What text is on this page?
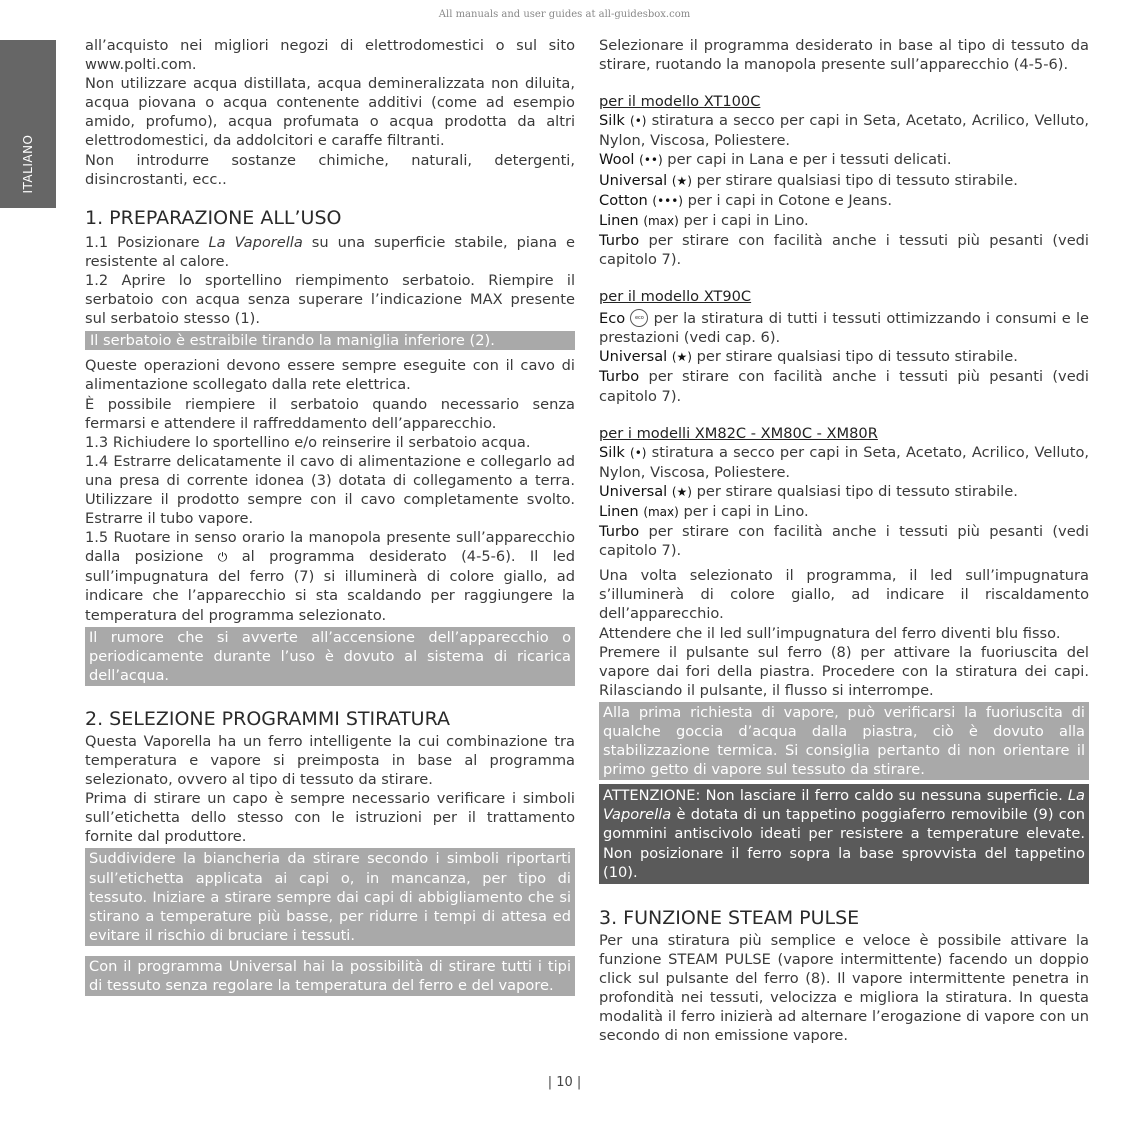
All manuals and user guides at all-guidesbox.com
ITALIANO

all’acquisto nei migliori negozi di elettrodomestici o sul sito www.polti.com.

Non utilizzare acqua distillata, acqua demineralizzata non diluita, acqua piovana o acqua contenente additivi (come ad esempio amido, profumo), acqua profumata o acqua prodotta da altri elettrodomestici, da addolcitori e caraffe filtranti.

Non introdurre sostanze chimiche, naturali, detergenti, disincrostanti, ecc..

1. PREPARAZIONE ALL’USO

1.1 Posizionare La Vaporella su una superficie stabile, piana e resistente al calore.

1.2 Aprire lo sportellino riempimento serbatoio. Riempire il serbatoio con acqua senza superare l’indicazione MAX presente sul serbatoio stesso (1).

Il serbatoio è estraibile tirando la maniglia inferiore (2).

Queste operazioni devono essere sempre eseguite con il cavo di alimentazione scollegato dalla rete elettrica.

È possibile riempiere il serbatoio quando necessario senza fermarsi e attendere il raffreddamento dell’apparecchio.

1.3 Richiudere lo sportellino e/o reinserire il serbatoio acqua.

1.4 Estrarre delicatamente il cavo di alimentazione e collegarlo ad una presa di corrente idonea (3) dotata di collegamento a terra. Utilizzare il prodotto sempre con il cavo completamente svolto. Estrarre il tubo vapore.

1.5 Ruotare in senso orario la manopola presente sull’apparecchio dalla posizione ⏻ al programma desiderato (4-5-6). Il led sull’impugnatura del ferro (7) si illuminerà di colore giallo, ad indicare che l’apparecchio si sta scaldando per raggiungere la temperatura del programma selezionato.

Il rumore che si avverte all’accensione dell’apparecchio o periodicamente durante l’uso è dovuto al sistema di ricarica dell’acqua.

2. SELEZIONE PROGRAMMI STIRATURA

Questa Vaporella ha un ferro intelligente la cui combinazione tra temperatura e vapore si preimposta in base al programma selezionato, ovvero al tipo di tessuto da stirare.

Prima di stirare un capo è sempre necessario verificare i simboli sull’etichetta dello stesso con le istruzioni per il trattamento fornite dal produttore.

Suddividere la biancheria da stirare secondo i simboli riportarti sull’etichetta applicata ai capi o, in mancanza, per tipo di tessuto. Iniziare a stirare sempre dai capi di abbigliamento che si stirano a temperature più basse, per ridurre i tempi di attesa ed evitare il rischio di bruciare i tessuti.

Con il programma Universal hai la possibilità di stirare tutti i tipi di tessuto senza regolare la temperatura del ferro e del vapore.

Selezionare il programma desiderato in base al tipo di tessuto da stirare, ruotando la manopola presente sull’apparecchio (4-5-6).

per il modello XT100C

Silk (•) stiratura a secco per capi in Seta, Acetato, Acrilico, Velluto, Nylon, Viscosa, Poliestere.

Wool (••) per capi in Lana e per i tessuti delicati.

Universal (★) per stirare qualsiasi tipo di tessuto stirabile.

Cotton (•••) per i capi in Cotone e Jeans.

Linen (max) per i capi in Lino.

Turbo per stirare con facilità anche i tessuti più pesanti (vedi capitolo 7).

per il modello XT90C

Eco eco per la stiratura di tutti i tessuti ottimizzando i consumi e le prestazioni (vedi cap. 6).

Universal (★) per stirare qualsiasi tipo di tessuto stirabile.

Turbo per stirare con facilità anche i tessuti più pesanti (vedi capitolo 7).

per i modelli XM82C - XM80C - XM80R

Silk (•) stiratura a secco per capi in Seta, Acetato, Acrilico, Velluto, Nylon, Viscosa, Poliestere.

Universal (★) per stirare qualsiasi tipo di tessuto stirabile.

Linen (max) per i capi in Lino.

Turbo per stirare con facilità anche i tessuti più pesanti (vedi capitolo 7).

Una volta selezionato il programma, il led sull’impugnatura s’illuminerà di colore giallo, ad indicare il riscaldamento dell’apparecchio.

Attendere che il led sull’impugnatura del ferro diventi blu fisso.

Premere il pulsante sul ferro (8) per attivare la fuoriuscita del vapore dai fori della piastra. Procedere con la stiratura dei capi. Rilasciando il pulsante, il flusso si interrompe.

Alla prima richiesta di vapore, può verificarsi la fuoriuscita di qualche goccia d’acqua dalla piastra, ciò è dovuto alla stabilizzazione termica. Si consiglia pertanto di non orientare il primo getto di vapore sul tessuto da stirare.

ATTENZIONE: Non lasciare il ferro caldo su nessuna superficie. La Vaporella è dotata di un tappetino poggiaferro removibile (9) con gommini antiscivolo ideati per resistere a temperature elevate. Non posizionare il ferro sopra la base sprovvista del tappetino (10).

3. FUNZIONE STEAM PULSE

Per una stiratura più semplice e veloce è possibile attivare la funzione STEAM PULSE (vapore intermittente) facendo un doppio click sul pulsante del ferro (8). Il vapore intermittente penetra in profondità nei tessuti, velocizza e migliora la stiratura. In questa modalità il ferro inizierà ad alternare l’erogazione di vapore con un secondo di non emissione vapore.

| 10 |
